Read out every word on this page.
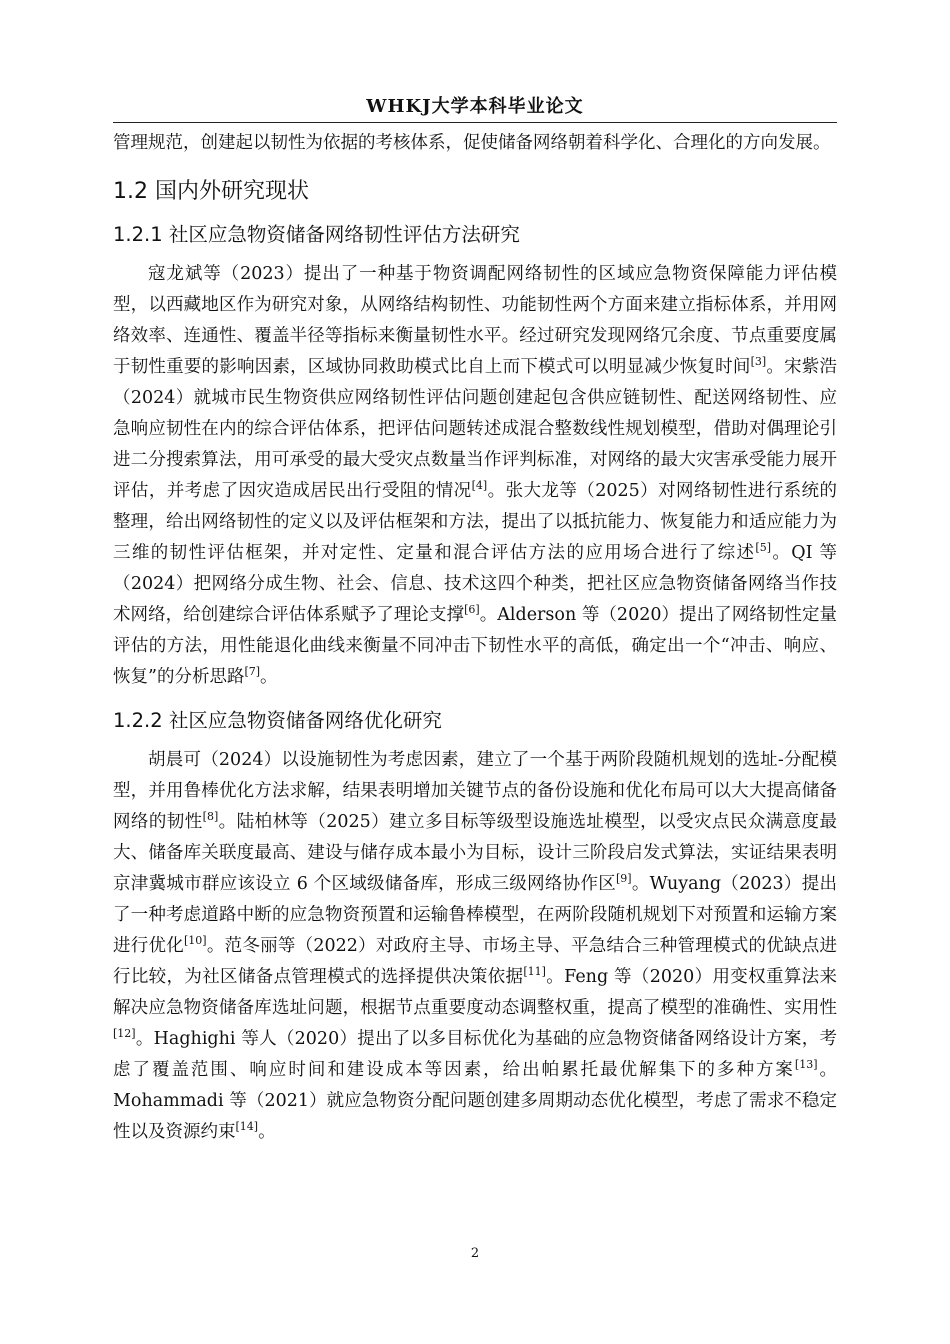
WHKJ大学本科毕业论文

管理规范，创建起以韧性为依据的考核体系，促使储备网络朝着科学化、合理化的方向发展。

1.2 国内外研究现状
1.2.1 社区应急物资储备网络韧性评估方法研究

寇龙斌等（2023）提出了一种基于物资调配网络韧性的区域应急物资保障能力评估模型，以西藏地区作为研究对象，从网络结构韧性、功能韧性两个方面来建立指标体系，并用网络效率、连通性、覆盖半径等指标来衡量韧性水平。经过研究发现网络冗余度、节点重要度属于韧性重要的影响因素，区域协同救助模式比自上而下模式可以明显减少恢复时间[3]。宋紫浩（2024）就城市民生物资供应网络韧性评估问题创建起包含供应链韧性、配送网络韧性、应急响应韧性在内的综合评估体系，把评估问题转述成混合整数线性规划模型，借助对偶理论引进二分搜索算法，用可承受的最大受灾点数量当作评判标准，对网络的最大灾害承受能力展开评估，并考虑了因灾造成居民出行受阻的情况[4]。张大龙等（2025）对网络韧性进行系统的整理，给出网络韧性的定义以及评估框架和方法，提出了以抵抗能力、恢复能力和适应能力为三维的韧性评估框架，并对定性、定量和混合评估方法的应用场合进行了综述[5]。QI 等（2024）把网络分成生物、社会、信息、技术这四个种类，把社区应急物资储备网络当作技术网络，给创建综合评估体系赋予了理论支撑[6]。Alderson 等（2020）提出了网络韧性定量评估的方法，用性能退化曲线来衡量不同冲击下韧性水平的高低，确定出一个“冲击、响应、恢复”的分析思路[7]。

1.2.2 社区应急物资储备网络优化研究

胡晨可（2024）以设施韧性为考虑因素，建立了一个基于两阶段随机规划的选址-分配模型，并用鲁棒优化方法求解，结果表明增加关键节点的备份设施和优化布局可以大大提高储备网络的韧性[8]。陆柏林等（2025）建立多目标等级型设施选址模型，以受灾点民众满意度最大、储备库关联度最高、建设与储存成本最小为目标，设计三阶段启发式算法，实证结果表明京津冀城市群应该设立 6 个区域级储备库，形成三级网络协作区[9]。Wuyang（2023）提出了一种考虑道路中断的应急物资预置和运输鲁棒模型，在两阶段随机规划下对预置和运输方案进行优化[10]。范冬丽等（2022）对政府主导、市场主导、平急结合三种管理模式的优缺点进行比较，为社区储备点管理模式的选择提供决策依据[11]。Feng 等（2020）用变权重算法来解决应急物资储备库选址问题，根据节点重要度动态调整权重，提高了模型的准确性、实用性[12]。Haghighi 等人（2020）提出了以多目标优化为基础的应急物资储备网络设计方案，考虑了覆盖范围、响应时间和建设成本等因素，给出帕累托最优解集下的多种方案[13]。Mohammadi 等（2021）就应急物资分配问题创建多周期动态优化模型，考虑了需求不稳定性以及资源约束[14]。

2
